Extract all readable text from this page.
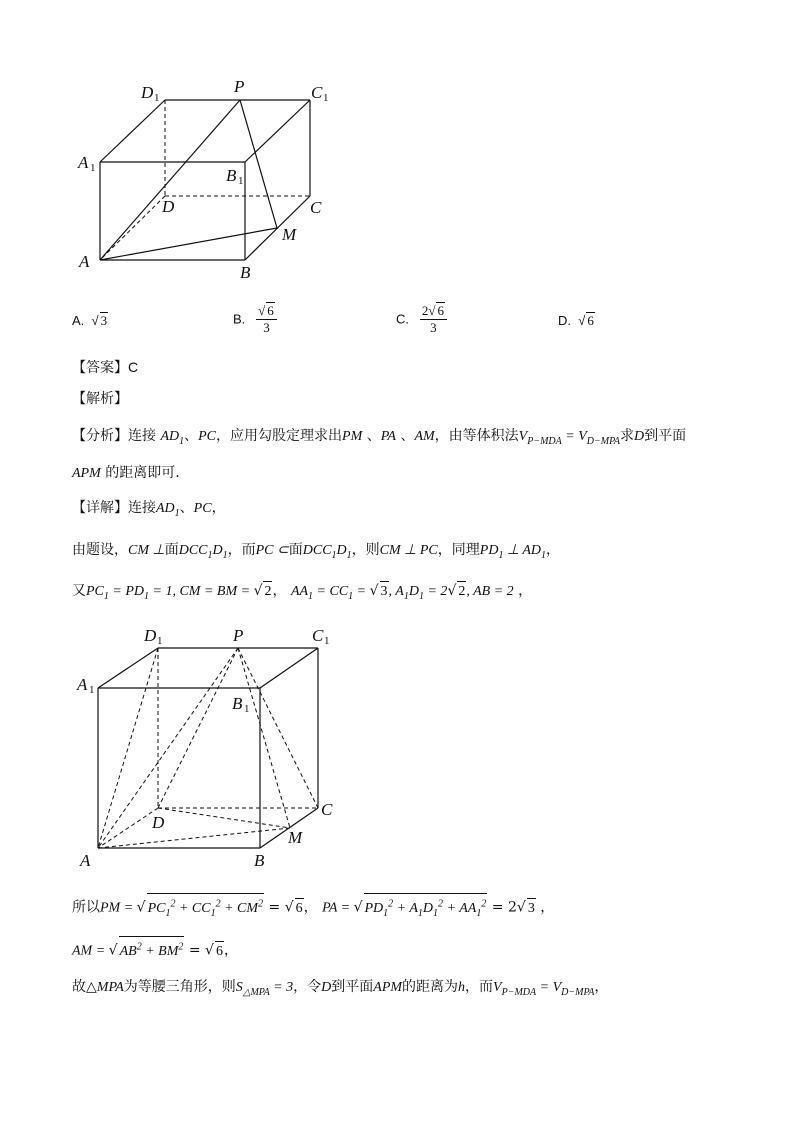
D 1
P	C 1
A 1	B 1
D	C
M
A
B
A.  √ 3	B. $\frac{√ 6}{3}$	C. $\frac{2√ 6}{3}$	D.  √ 6
【答案】C
【解析】
【分析】连接 $AD_1$、PC，应用勾股定理求出PM 、PA 、AM，由等体积法$V_{P-MDA} = V_{D-MPA}$求D到平面
APM 的距离即可.
【详解】连接$AD_1$、PC，
由题设，CM ⊥面$DCC_1D_1$，而PC ⊂面$DCC_1D_1$，则CM ⊥ PC，同理$PD_1$ ⊥ $AD_1$，
又$PC_1 = PD_1 = 1$, CM = BM = √ 2， $AA_1 = CC_1$ = √ 3, $A_1D_1 = 2√$ 2, AB = 2 ，
D 1	P	C 1
A 1
B 1
D
C
M
A	B
所以PM = √ $PC_1^2 + CC_1^2 + CM^2$ = √ 6， PA = √ $PD_1^2 + A_1D_1^2 + AA_1^2 = 2√$ 3 ，
AM = √ $AB^2 + BM^2$ = √ 6，
故△MPA为等腰三角形，则$S_{\triangle MPA} = 3$，令D到平面APM的距离为h，而$V_{P-MDA} = V_{D-MPA}$，
